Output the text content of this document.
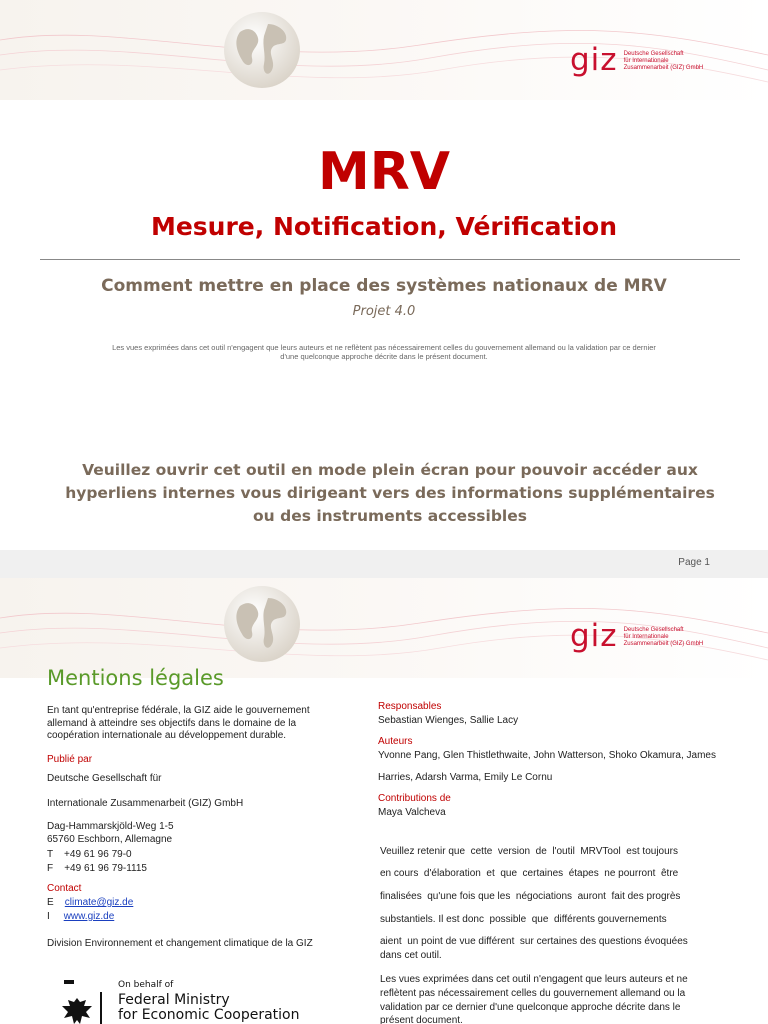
giz Deutsche Gesellschaft
für Internationale
Zusammenarbeit (GIZ) GmbH
MRV
Mesure, Notification, Vérification
Comment mettre en place des systèmes nationaux de MRV
Projet 4.0
Les vues exprimées dans cet outil n'engagent que leurs auteurs et ne reflètent pas nécessairement celles du gouvernement allemand ou la validation par ce dernier d'une quelconque approche décrite dans le présent document.
Veuillez ouvrir cet outil en mode plein écran pour pouvoir accéder aux hyperliens internes vous dirigeant vers des informations supplémentaires ou des instruments accessibles
Page 1
giz Deutsche Gesellschaft
für Internationale
Zusammenarbeit (GIZ) GmbH
Mentions légales
En tant qu'entreprise fédérale, la GIZ aide le gouvernement allemand à atteindre ses objectifs dans le domaine de la coopération internationale au développement durable.
Publié par
Deutsche Gesellschaft für
Internationale Zusammenarbeit (GIZ) GmbH
Dag-Hammarskjöld-Weg 1-5
65760 Eschborn, Allemagne
T    +49 61 96 79-0
F    +49 61 96 79-1115
Contact
E climate@giz.de
I www.giz.de
Division Environnement et changement climatique de la GIZ
On behalf of
Federal Ministry
for Economic Cooperation
Responsables
Sebastian Wienges, Sallie Lacy
Auteurs
Yvonne Pang, Glen Thistlethwaite, John Watterson, Shoko Okamura, James
Harries, Adarsh Varma, Emily Le Cornu
Contributions de
Maya Valcheva
Veuillez retenir que  cette  version  de  l'outil  MRVTool  est toujours
en cours  d'élaboration  et  que  certaines  étapes  ne pourront  être
finalisées  qu'une fois que les  négociations  auront  fait des progrès
substantiels. Il est donc  possible  que  différents gouvernements
aient  un point de vue différent  sur certaines des questions évoquées
dans cet outil.
Les vues exprimées dans cet outil n'engagent que leurs auteurs et ne
reflètent pas nécessairement celles du gouvernement allemand ou la
validation par ce dernier d'une quelconque approche décrite dans le
présent document.
